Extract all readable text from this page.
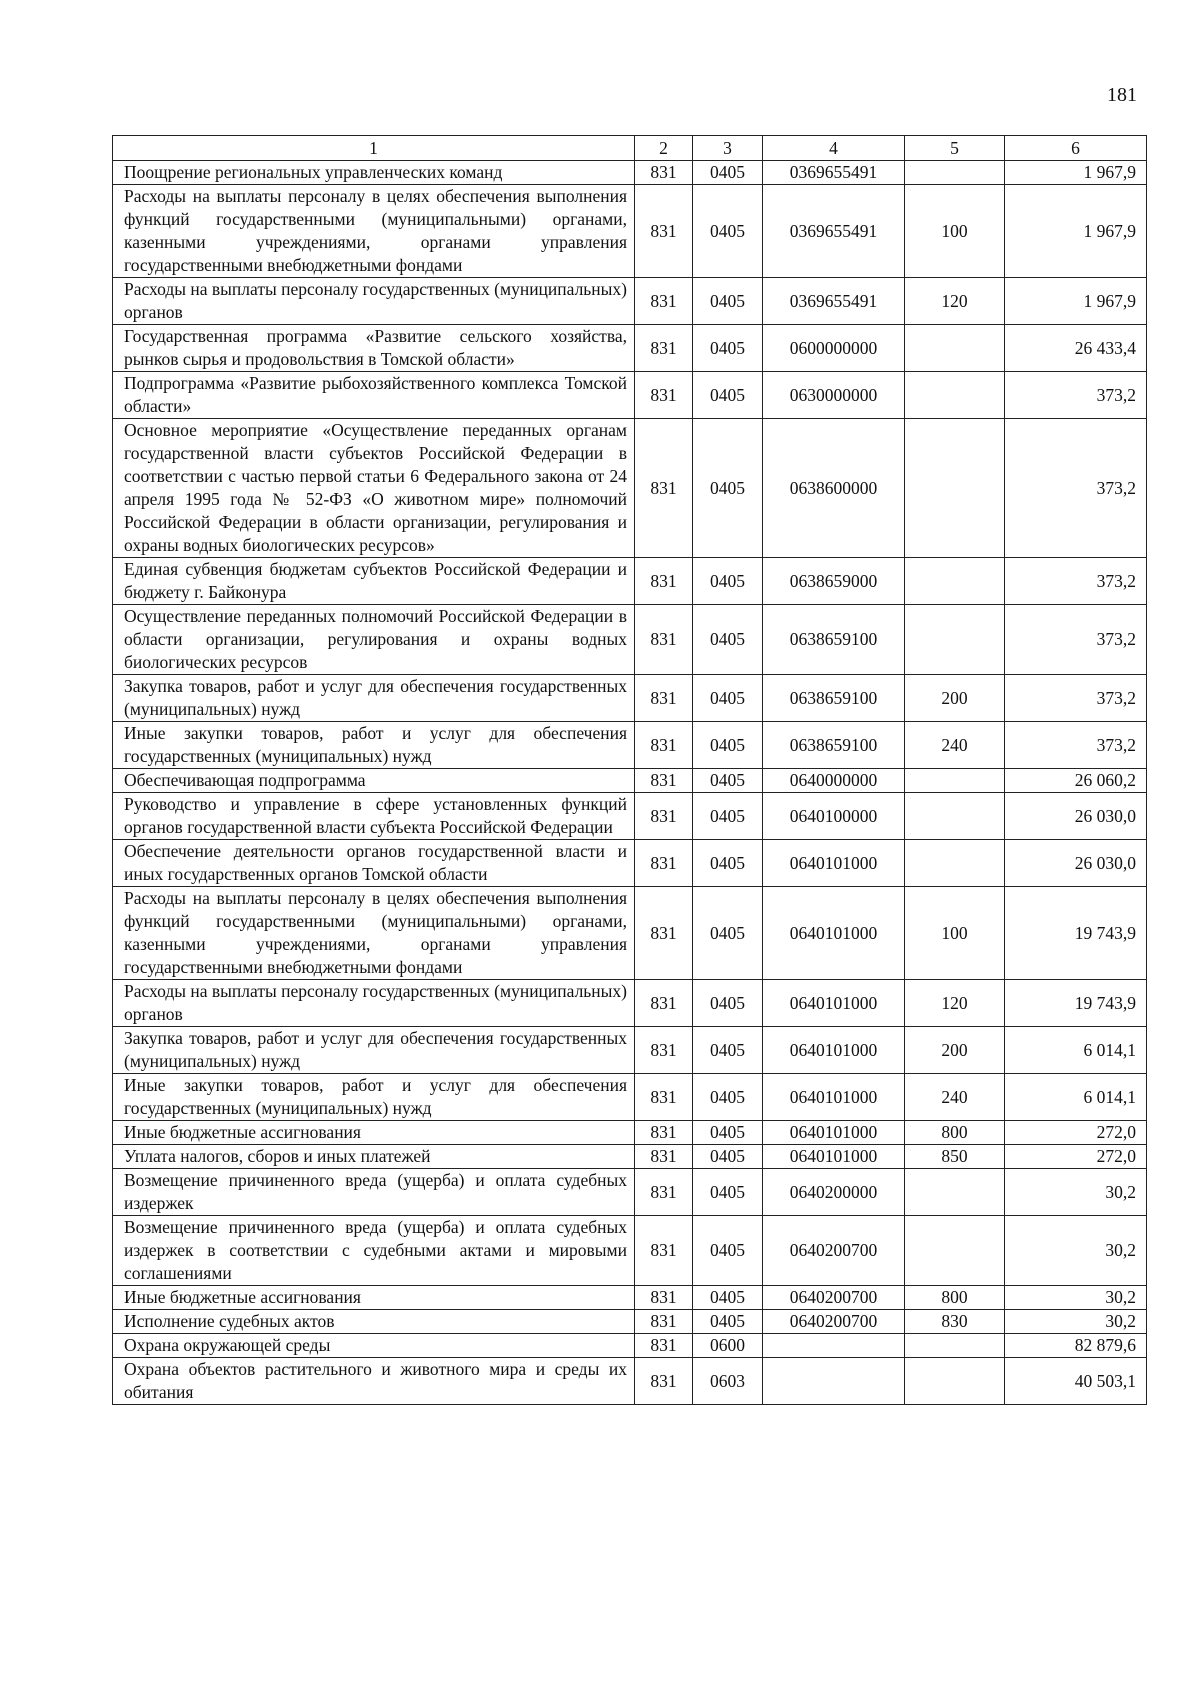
181
1	2	3	4	5	6
Поощрение региональных управленческих команд	831	0405	0369655491		1 967,9
Расходы на выплаты персоналу в целях обеспечения выполнения функций государственными (муниципальными) органами, казенными учреждениями, органами управления государственными внебюджетными фондами	831	0405	0369655491	100	1 967,9
Расходы на выплаты персоналу государственных (муниципальных) органов	831	0405	0369655491	120	1 967,9
Государственная программа «Развитие сельского хозяйства, рынков сырья и продовольствия в Томской области»	831	0405	0600000000		26 433,4
Подпрограмма «Развитие рыбохозяйственного комплекса Томской области»	831	0405	0630000000		373,2
Основное мероприятие «Осуществление переданных органам государственной власти субъектов Российской Федерации в соответствии с частью первой статьи 6 Федерального закона от 24 апреля 1995 года № 52-ФЗ «О животном мире» полномочий Российской Федерации в области организации, регулирования и охраны водных биологических ресурсов»	831	0405	0638600000		373,2
Единая субвенция бюджетам субъектов Российской Федерации и бюджету г. Байконура	831	0405	0638659000		373,2
Осуществление переданных полномочий Российской Федерации в области организации, регулирования и охраны водных биологических ресурсов	831	0405	0638659100		373,2
Закупка товаров, работ и услуг для обеспечения государственных (муниципальных) нужд	831	0405	0638659100	200	373,2
Иные закупки товаров, работ и услуг для обеспечения государственных (муниципальных) нужд	831	0405	0638659100	240	373,2
Обеспечивающая подпрограмма	831	0405	0640000000		26 060,2
Руководство и управление в сфере установленных функций органов государственной власти субъекта Российской Федерации	831	0405	0640100000		26 030,0
Обеспечение деятельности органов государственной власти и иных государственных органов Томской области	831	0405	0640101000		26 030,0
Расходы на выплаты персоналу в целях обеспечения выполнения функций государственными (муниципальными) органами, казенными учреждениями, органами управления государственными внебюджетными фондами	831	0405	0640101000	100	19 743,9
Расходы на выплаты персоналу государственных (муниципальных) органов	831	0405	0640101000	120	19 743,9
Закупка товаров, работ и услуг для обеспечения государственных (муниципальных) нужд	831	0405	0640101000	200	6 014,1
Иные закупки товаров, работ и услуг для обеспечения государственных (муниципальных) нужд	831	0405	0640101000	240	6 014,1
Иные бюджетные ассигнования	831	0405	0640101000	800	272,0
Уплата налогов, сборов и иных платежей	831	0405	0640101000	850	272,0
Возмещение причиненного вреда (ущерба) и оплата судебных издержек	831	0405	0640200000		30,2
Возмещение причиненного вреда (ущерба) и оплата судебных издержек в соответствии с судебными актами и мировыми соглашениями	831	0405	0640200700		30,2
Иные бюджетные ассигнования	831	0405	0640200700	800	30,2
Исполнение судебных актов	831	0405	0640200700	830	30,2
Охрана окружающей среды	831	0600			82 879,6
Охрана объектов растительного и животного мира и среды их обитания	831	0603			40 503,1
